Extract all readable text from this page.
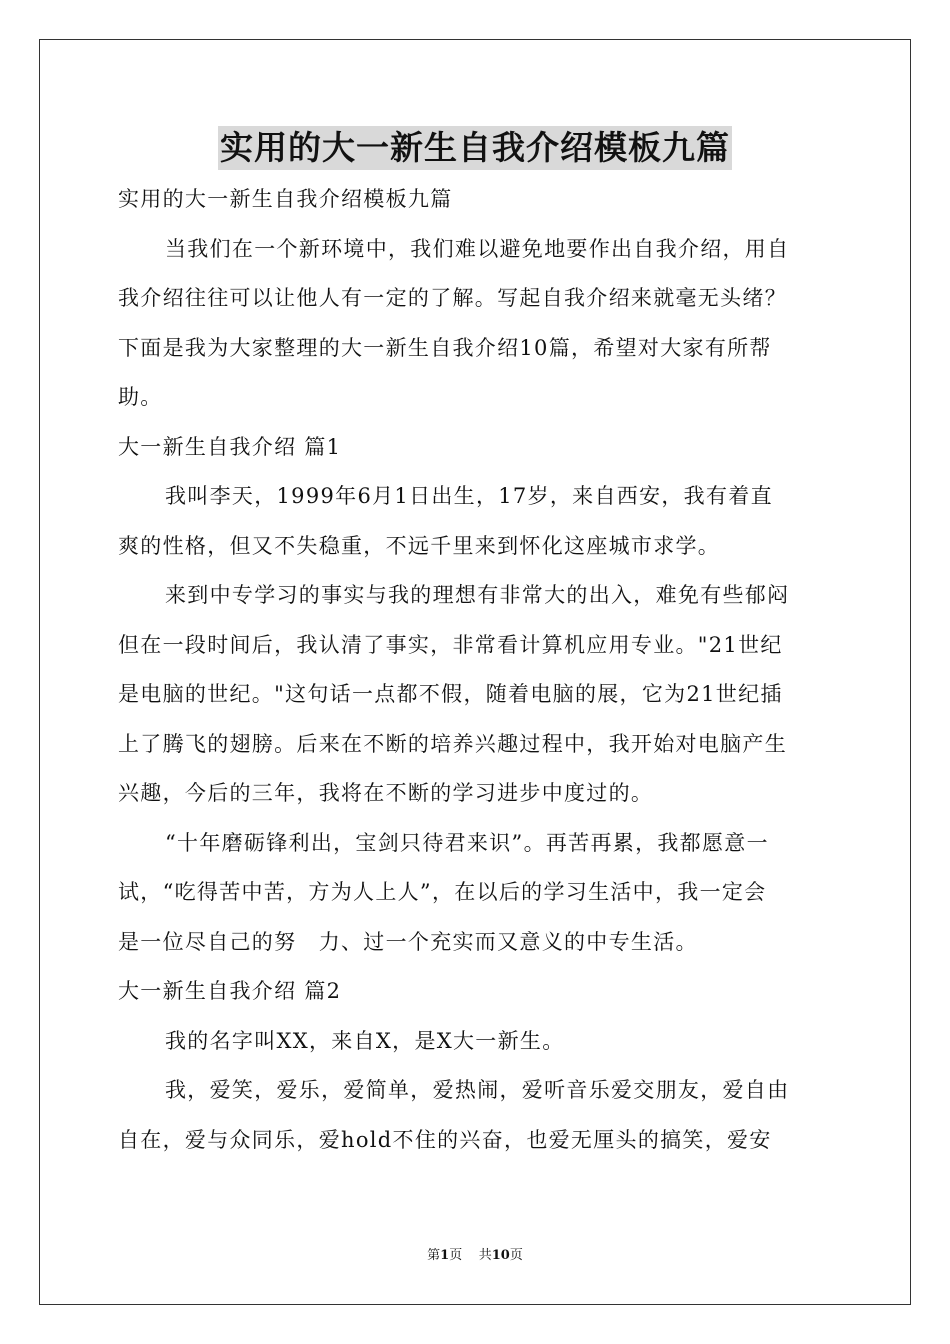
实用的大一新生自我介绍模板九篇
实用的大一新生自我介绍模板九篇
当我们在一个新环境中，我们难以避免地要作出自我介绍，用自
我介绍往往可以让他人有一定的了解。写起自我介绍来就毫无头绪？
下面是我为大家整理的大一新生自我介绍10篇，希望对大家有所帮
助。
大一新生自我介绍 篇1
我叫李天，1999年6月1日出生，17岁，来自西安，我有着直
爽的性格，但又不失稳重，不远千里来到怀化这座城市求学。
来到中专学习的事实与我的理想有非常大的出入，难免有些郁闷
但在一段时间后，我认清了事实，非常看计算机应用专业。"21世纪
是电脑的世纪。"这句话一点都不假，随着电脑的展，它为21世纪插
上了腾飞的翅膀。后来在不断的培养兴趣过程中，我开始对电脑产生
兴趣，今后的三年，我将在不断的学习进步中度过的。
“十年磨砺锋利出，宝剑只待君来识”。再苦再累，我都愿意一
试，“吃得苦中苦，方为人上人”，在以后的学习生活中，我一定会
是一位尽自己的努　力、过一个充实而又意义的中专生活。
大一新生自我介绍 篇2
我的名字叫XX，来自X，是X大一新生。
我，爱笑，爱乐，爱简单，爱热闹，爱听音乐爱交朋友，爱自由
自在，爱与众同乐，爱hold不住的兴奋，也爱无厘头的搞笑，爱安
第1页 共10页
